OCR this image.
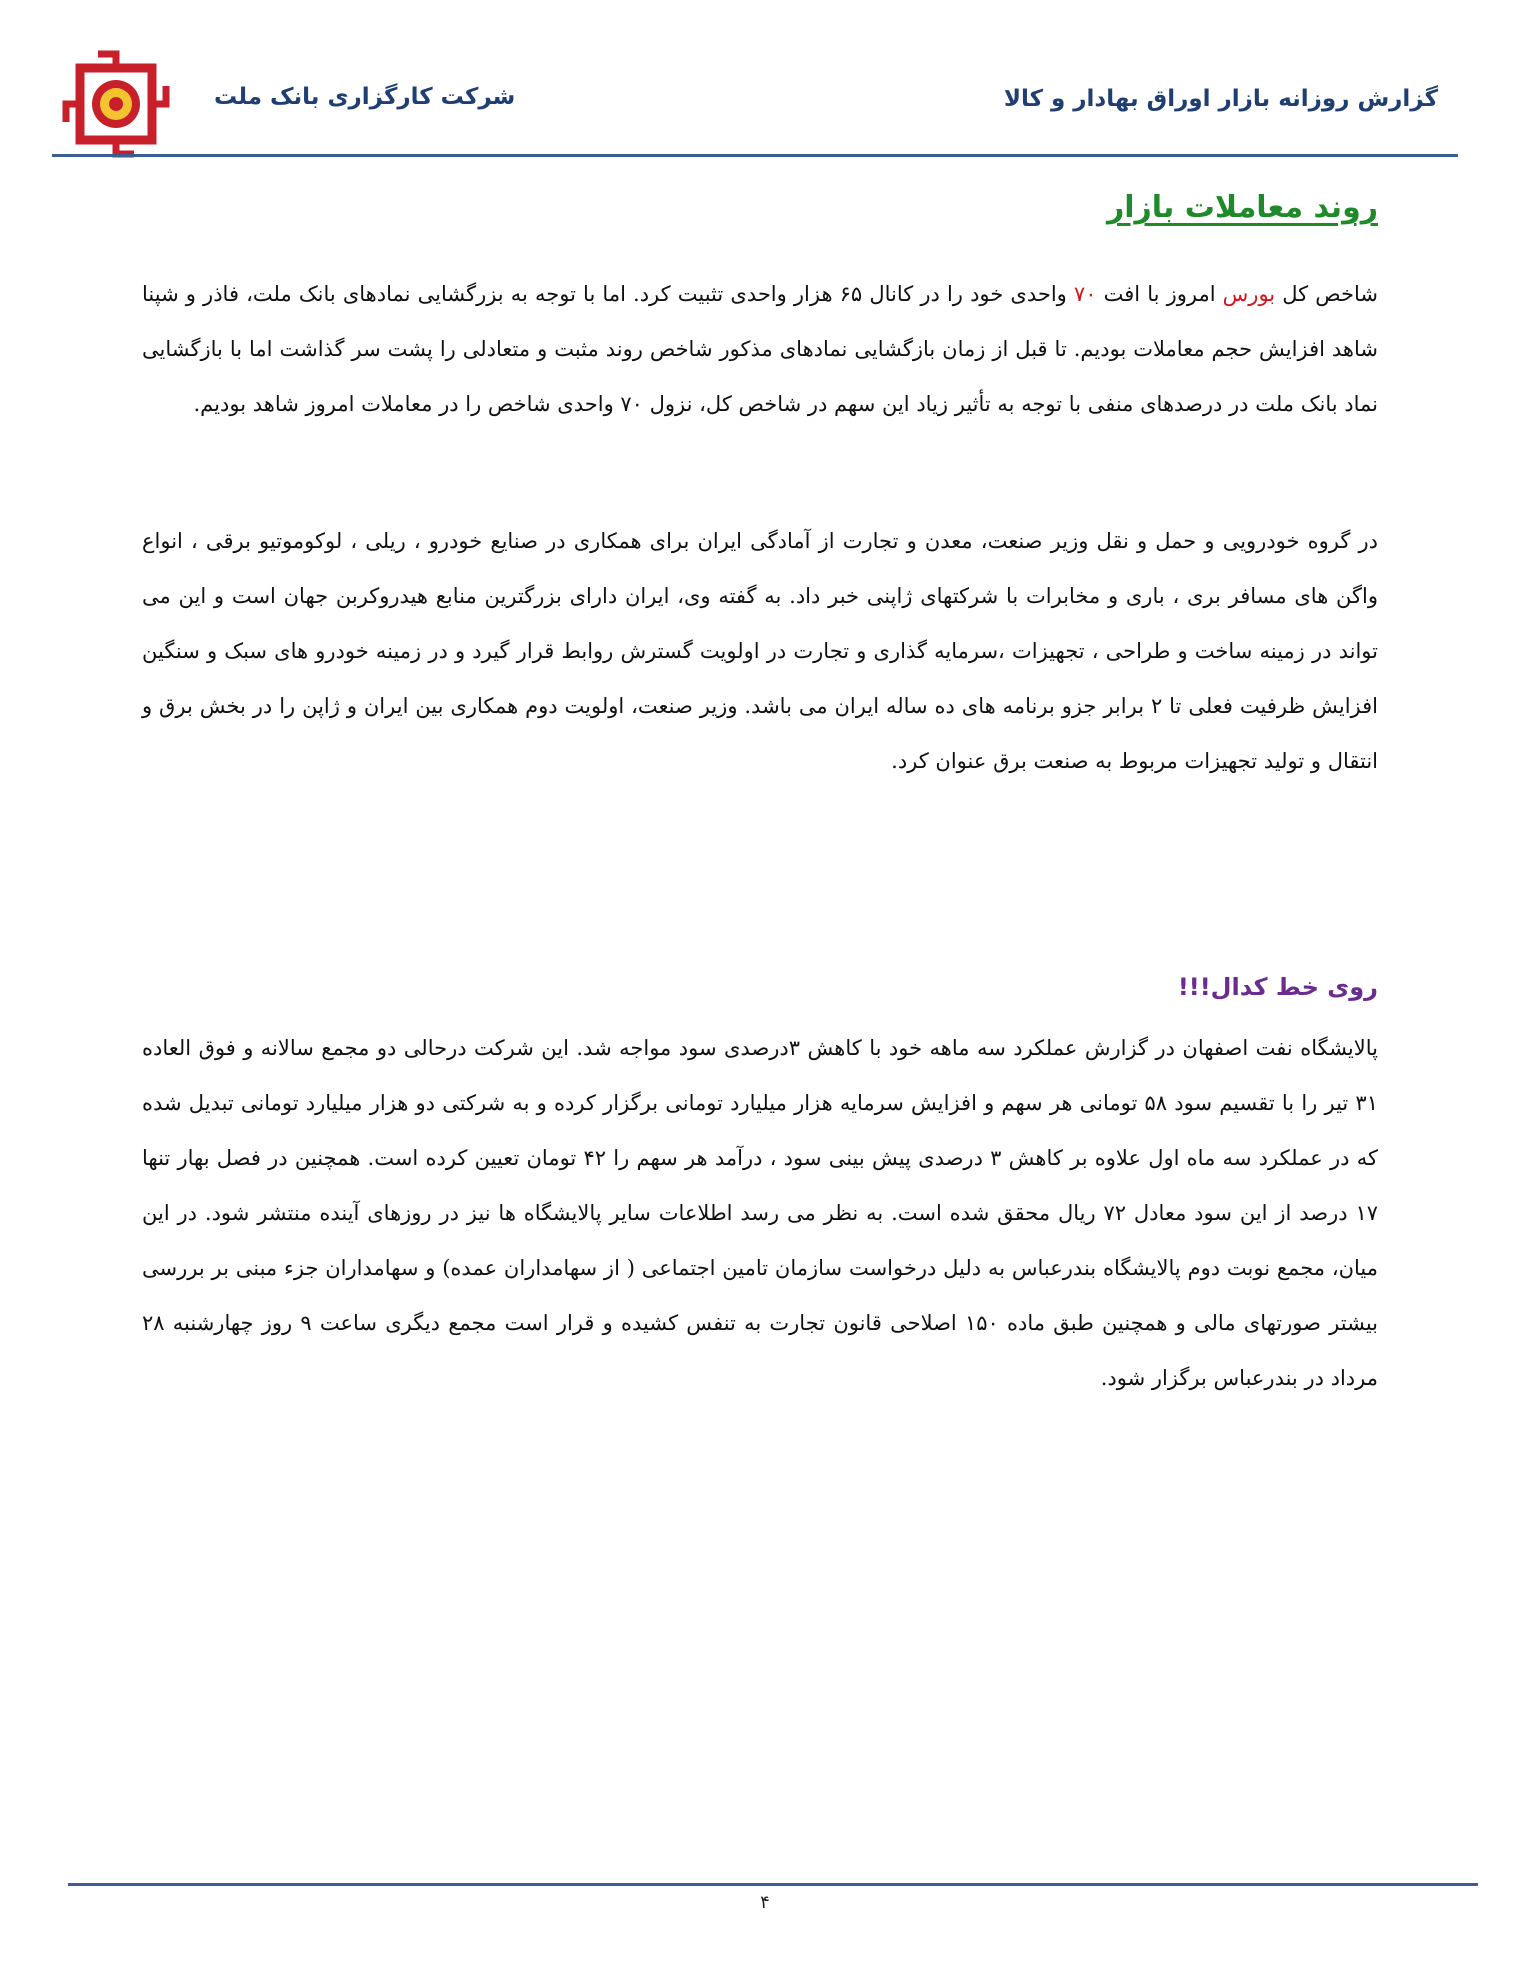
شرکت کارگزاری بانک ملت	گزارش روزانه بازار اوراق بهادار و کالا
روند معاملات بازار

شاخص کل بورس امروز با افت ۷۰ واحدی خود را در کانال ۶۵ هزار واحدی تثبیت کرد. اما با توجه به بزرگشایی نمادهای بانک ملت، فاذر و شپنا شاهد افزایش حجم معاملات بودیم. تا قبل از زمان بازگشایی نمادهای مذکور شاخص روند مثبت و متعادلی را پشت سر گذاشت اما با بازگشایی نماد بانک ملت در درصدهای منفی با توجه به تأثیر زیاد این سهم در شاخص کل، نزول ۷۰ واحدی شاخص را در معاملات امروز شاهد بودیم.

در گروه خودرویی و حمل و نقل وزیر صنعت، معدن و تجارت از آمادگی ایران برای همکاری در صنایع خودرو ، ریلی ، لوکوموتیو برقی ، انواع واگن های مسافر بری ، باری و مخابرات با شرکتهای ژاپنی خبر داد. به گفته وی، ایران دارای بزرگترین منابع هیدروکربن جهان است و این می تواند در زمینه ساخت و طراحی ، تجهیزات ،سرمایه گذاری و تجارت در اولویت گسترش روابط قرار گیرد و در زمینه خودرو های سبک و سنگین افزایش ظرفیت فعلی تا ۲ برابر جزو برنامه های ده ساله ایران می باشد. وزیر صنعت، اولویت دوم همکاری بین ایران و ژاپن را در بخش برق و انتقال و تولید تجهیزات مربوط به صنعت برق عنوان کرد.

روی خط کدال!!!

پالایشگاه نفت اصفهان در گزارش عملکرد سه ماهه خود با کاهش ۳درصدی سود مواجه شد. این شرکت درحالی دو مجمع سالانه و فوق العاده ۳۱ تیر را با تقسیم سود ۵۸ تومانی هر سهم و افزایش سرمایه هزار میلیارد تومانی برگزار کرده و به شرکتی دو هزار میلیارد تومانی تبدیل شده که در عملکرد سه ماه اول علاوه بر کاهش ۳ درصدی پیش بینی سود ، درآمد هر سهم را ۴۲ تومان تعیین کرده است. همچنین در فصل بهار تنها ۱۷ درصد از این سود معادل ۷۲ ریال محقق شده است. به نظر می رسد اطلاعات سایر پالایشگاه ها نیز در روزهای آینده منتشر شود. در این میان، مجمع نوبت دوم پالایشگاه بندرعباس به دلیل درخواست سازمان تامین اجتماعی ( از سهامداران عمده) و سهامداران جزء مبنی بر بررسی بیشتر صورتهای مالی و همچنین طبق ماده ۱۵۰ اصلاحی قانون تجارت به تنفس کشیده و قرار است مجمع دیگری ساعت ۹ روز چهارشنبه ۲۸ مرداد در بندرعباس برگزار شود.

۴
